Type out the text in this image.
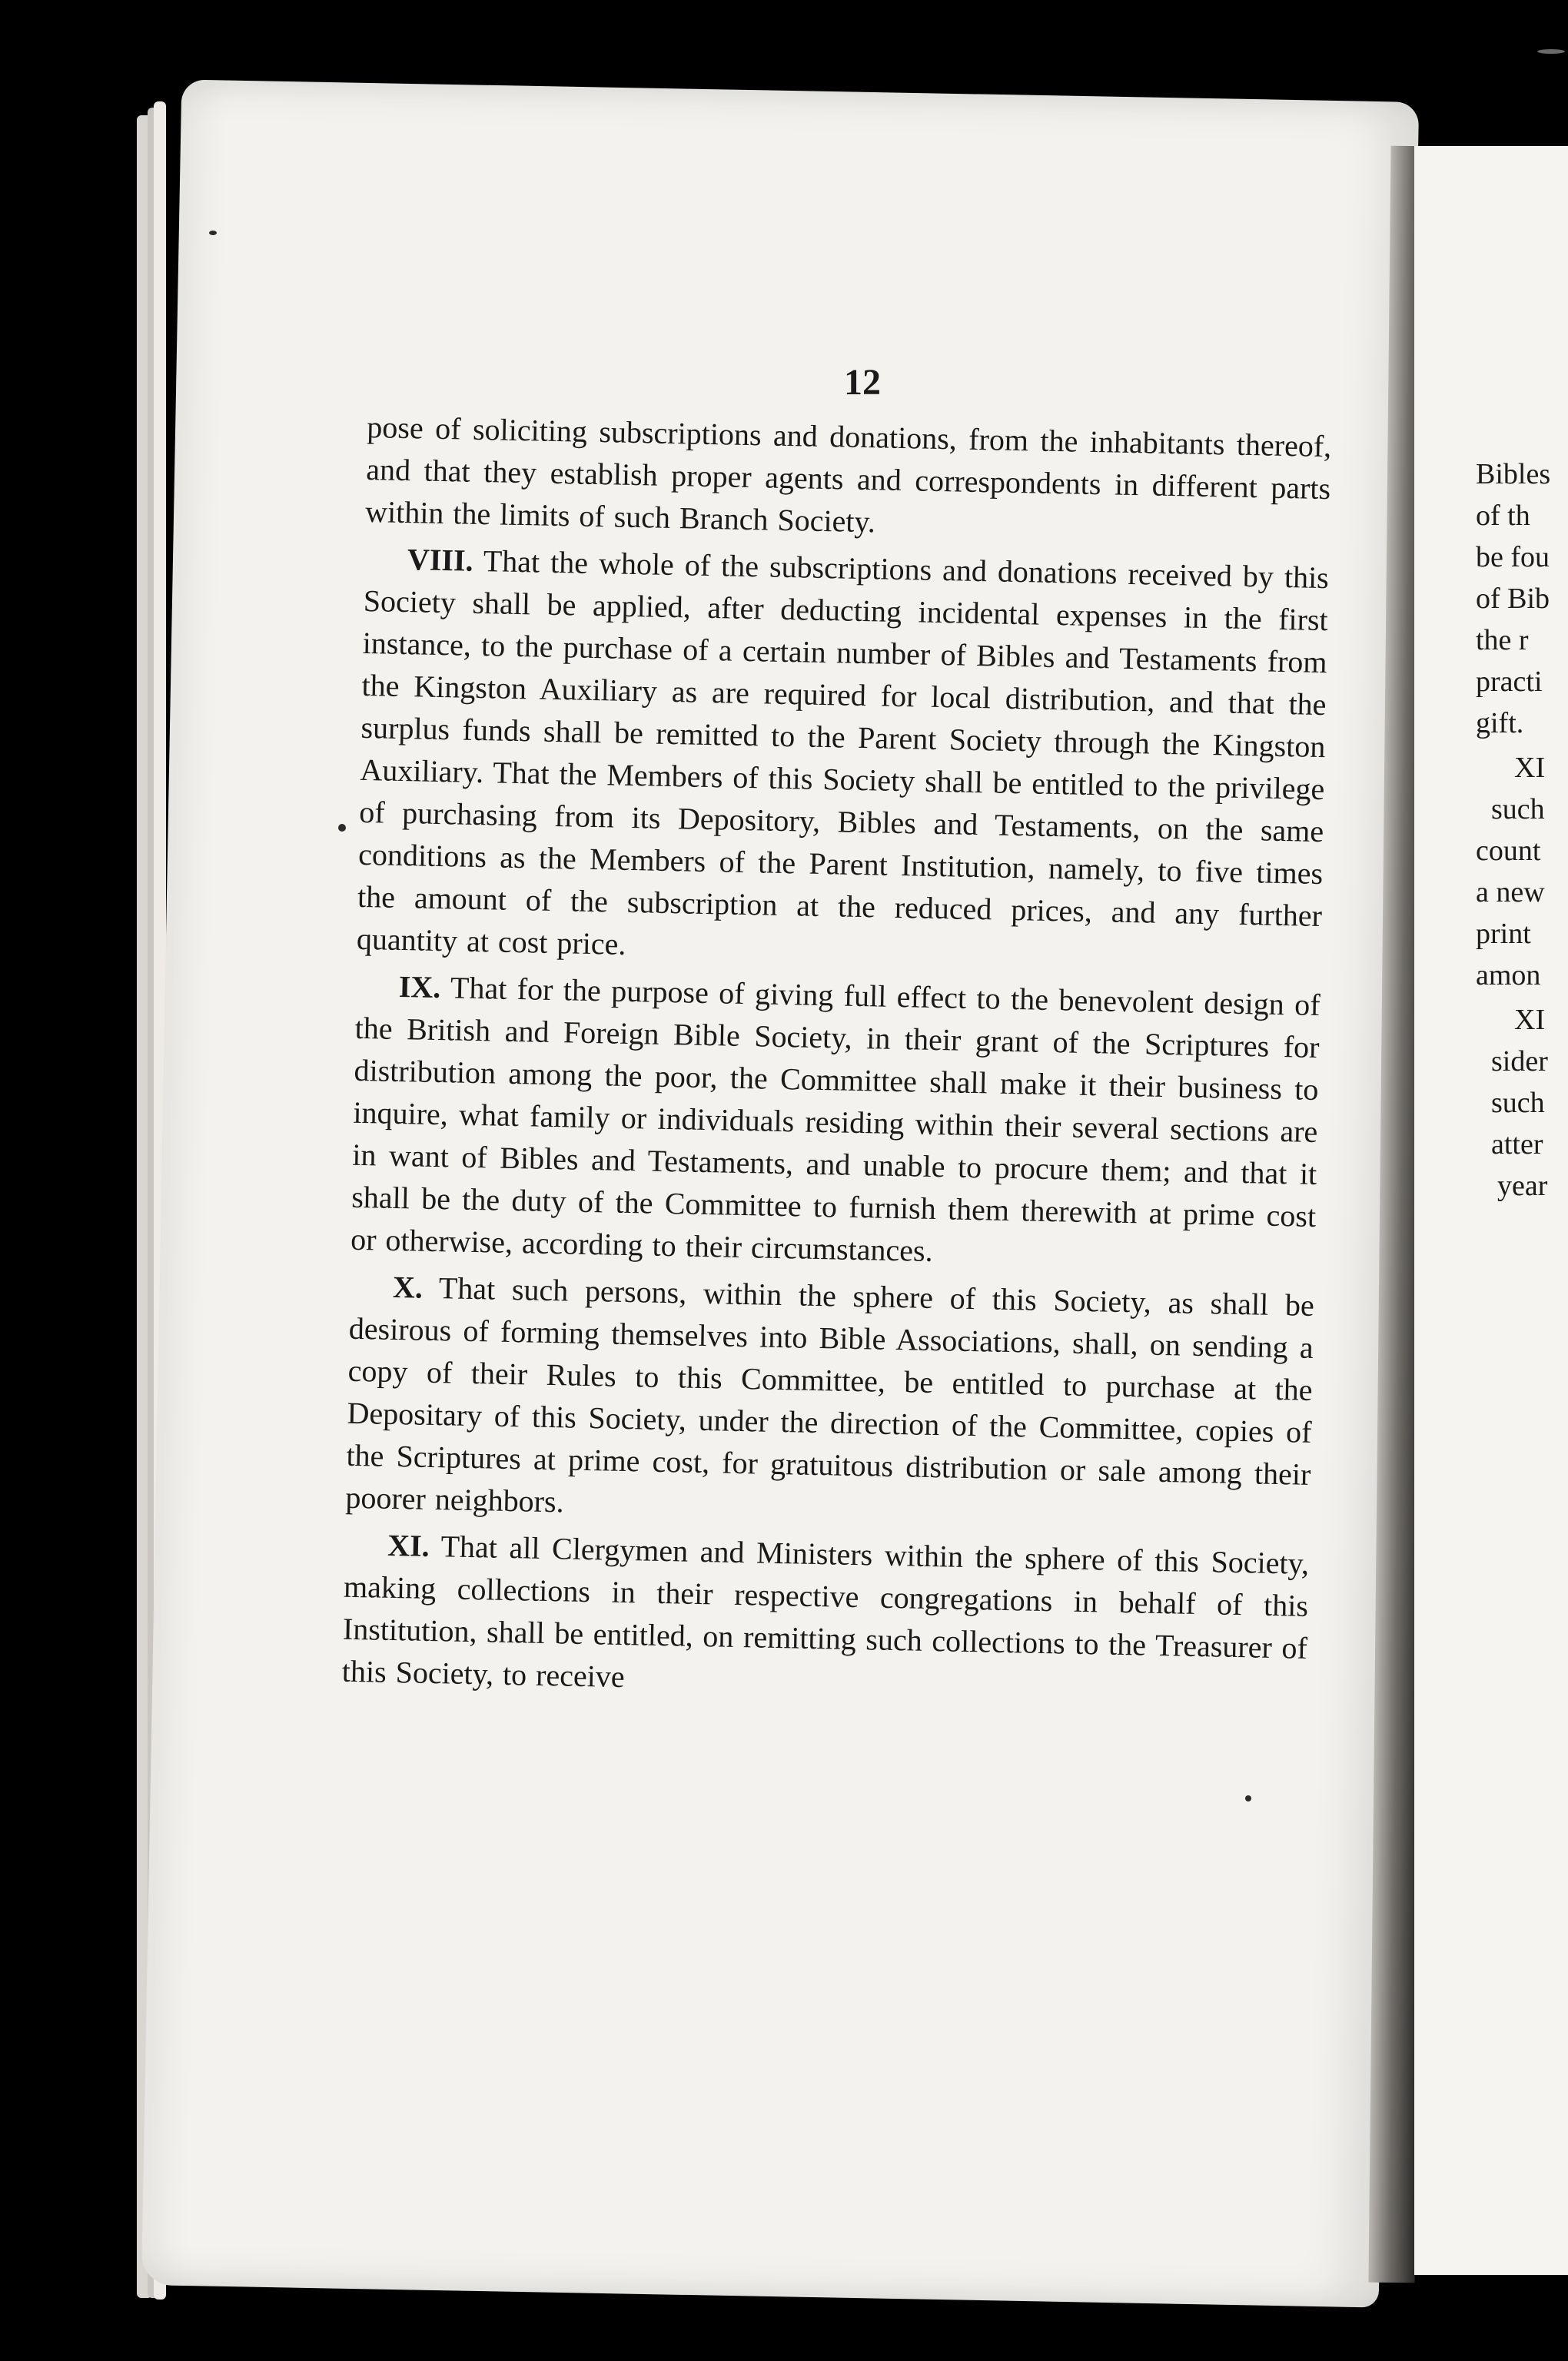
12

pose of soliciting subscriptions and donations, from the inhabitants thereof, and that they establish proper agents and correspondents in different parts within the limits of such Branch Society.

VIII. That the whole of the subscriptions and donations received by this Society shall be applied, after deducting incidental expenses in the first instance, to the purchase of a certain number of Bibles and Testaments from the Kingston Auxiliary as are required for local distribution, and that the surplus funds shall be remitted to the Parent Society through the Kingston Auxiliary. That the Members of this Society shall be entitled to the privilege of purchasing from its Depository, Bibles and Testaments, on the same conditions as the Members of the Parent Institution, namely, to five times the amount of the subscription at the reduced prices, and any further quantity at cost price.

IX. That for the purpose of giving full effect to the benevolent design of the British and Foreign Bible Society, in their grant of the Scriptures for distribution among the poor, the Committee shall make it their business to inquire, what family or individuals residing within their several sections are in want of Bibles and Testaments, and unable to procure them; and that it shall be the duty of the Committee to furnish them therewith at prime cost or otherwise, according to their circumstances.

X. That such persons, within the sphere of this Society, as shall be desirous of forming themselves into Bible Associations, shall, on sending a copy of their Rules to this Committee, be entitled to purchase at the Depositary of this Society, under the direction of the Committee, copies of the Scriptures at prime cost, for gratuitous distribution or sale among their poorer neighbors.

XI. That all Clergymen and Ministers within the sphere of this Society, making collections in their respective congregations in behalf of this Institution, shall be entitled, on remitting such collections to the Treasurer of this Society, to receive

Bibles
of th
be fou
of Bib
the r
practi
gift.
XI
such
count
a new
print
amon
XI
sider
such
atter
year
